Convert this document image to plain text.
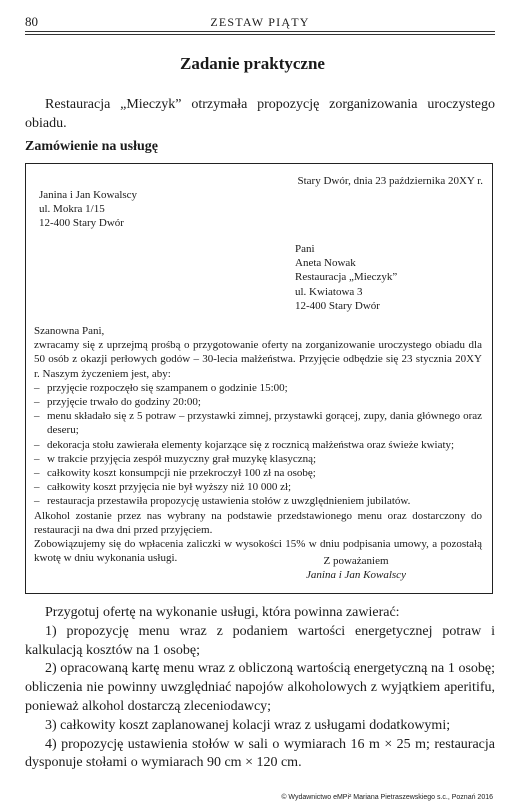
80	ZESTAW PIĄTY
Zadanie praktyczne
Restauracja „Mieczyk” otrzymała propozycję zorganizowania uroczystego obiadu.
Zamówienie na usługę
Stary Dwór, dnia 23 października 20XY r.
Janina i Jan Kowalscy
ul. Mokra 1/15
12-400 Stary Dwór
Pani
Aneta Nowak
Restauracja „Mieczyk”
ul. Kwiatowa 3
12-400 Stary Dwór

Szanowna Pani,

zwracamy się z uprzejmą prośbą o przygotowanie oferty na zorganizowanie uroczystego obiadu dla 50 osób z okazji perłowych godów – 30-lecia małżeństwa. Przyjęcie odbędzie się 23 stycznia 20XY r. Naszym życzeniem jest, aby:

– przyjęcie rozpoczęło się szampanem o godzinie 15:00;
– przyjęcie trwało do godziny 20:00;
– menu składało się z 5 potraw – przystawki zimnej, przystawki gorącej, zupy, dania głównego oraz deseru;
– dekoracja stołu zawierała elementy kojarzące się z rocznicą małżeństwa oraz świeże kwiaty;
– w trakcie przyjęcia zespół muzyczny grał muzykę klasyczną;
– całkowity koszt konsumpcji nie przekroczył 100 zł na osobę;
– całkowity koszt przyjęcia nie był wyższy niż 10 000 zł;
– restauracja przestawiła propozycję ustawienia stołów z uwzględnieniem jubilatów.

Alkohol zostanie przez nas wybrany na podstawie przedstawionego menu oraz dostarczony do restauracji na dwa dni przed przyjęciem.

Zobowiązujemy się do wpłacenia zaliczki w wysokości 15% w dniu podpisania umowy, a pozostałą kwotę w dniu wykonania usługi.	Z poważaniem
Janina i Jan Kowalscy

Przygotuj ofertę na wykonanie usługi, która powinna zawierać:

1) propozycję menu wraz z podaniem wartości energetycznej potraw i kalkulacją kosztów na 1 osobę;

2) opracowaną kartę menu wraz z obliczoną wartością energetyczną na 1 osobę; obliczenia nie powinny uwzględniać napojów alkoholowych z wyjątkiem aperitifu, ponieważ alkohol dostarczą zleceniodawcy;

3) całkowity koszt zaplanowanej kolacji wraz z usługami dodatkowymi;

4) propozycję ustawienia stołów w sali o wymiarach 16 m × 25 m; restauracja dysponuje stołami o wymiarach 90 cm × 120 cm.

© Wydawnictwo eMPi² Mariana Pietraszewskiego s.c., Poznań 2016
